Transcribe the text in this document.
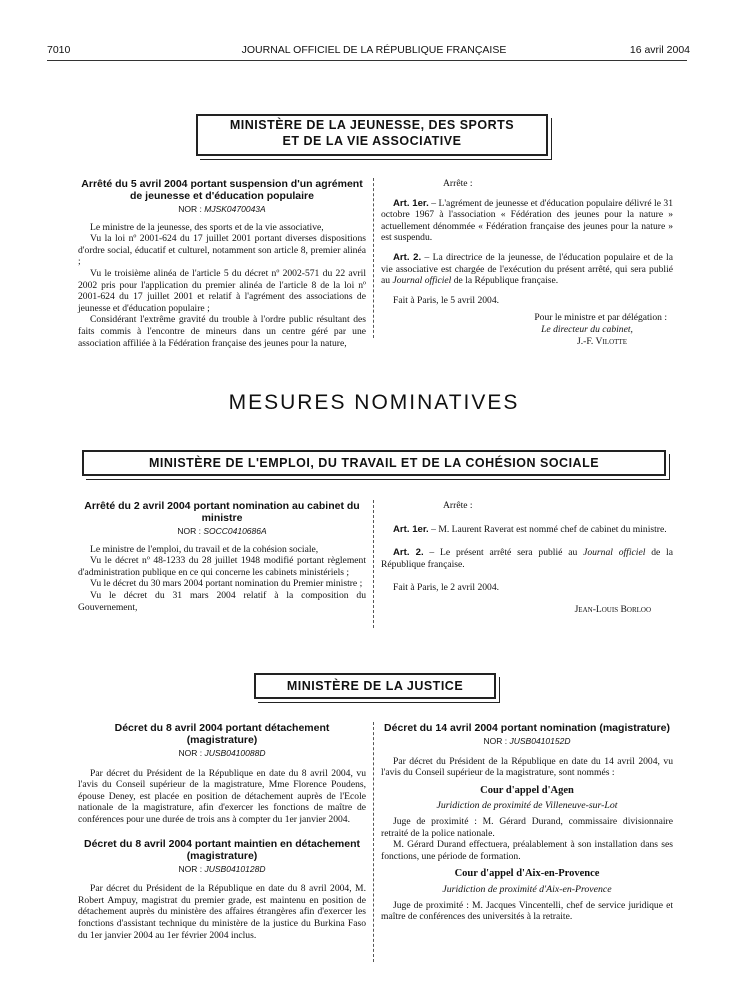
7010	JOURNAL OFFICIEL DE LA RÉPUBLIQUE FRANÇAISE	16 avril 2004
MINISTÈRE DE LA JEUNESSE, DES SPORTS
ET DE LA VIE ASSOCIATIVE
Arrêté du 5 avril 2004 portant suspension d'un agrément de jeunesse et d'éducation populaire
NOR : MJSK0470043A

Le ministre de la jeunesse, des sports et de la vie associative,

Vu la loi nº 2001-624 du 17 juillet 2001 portant diverses dispositions d'ordre social, éducatif et culturel, notamment son article 8, premier alinéa ;

Vu le troisième alinéa de l'article 5 du décret nº 2002-571 du 22 avril 2002 pris pour l'application du premier alinéa de l'article 8 de la loi nº 2001-624 du 17 juillet 2001 et relatif à l'agrément des associations de jeunesse et d'éducation populaire ;

Considérant l'extrême gravité du trouble à l'ordre public résultant des faits commis à l'encontre de mineurs dans un centre géré par une association affiliée à la Fédération française des jeunes pour la nature,

Arrête :

Art. 1er. – L'agrément de jeunesse et d'éducation populaire délivré le 31 octobre 1967 à l'association « Fédération des jeunes pour la nature » actuellement dénommée « Fédération française des jeunes pour la nature » est suspendu.

Art. 2. – La directrice de la jeunesse, de l'éducation populaire et de la vie associative est chargée de l'exécution du présent arrêté, qui sera publié au Journal officiel de la République française.

Fait à Paris, le 5 avril 2004.

Pour le ministre et par délégation :
Le directeur du cabinet,
J.-F. Vilotte
MESURES NOMINATIVES
MINISTÈRE DE L'EMPLOI, DU TRAVAIL ET DE LA COHÉSION SOCIALE
Arrêté du 2 avril 2004 portant nomination au cabinet du ministre
NOR : SOCC0410686A

Le ministre de l'emploi, du travail et de la cohésion sociale,

Vu le décret nº 48-1233 du 28 juillet 1948 modifié portant règlement d'administration publique en ce qui concerne les cabinets ministériels ;

Vu le décret du 30 mars 2004 portant nomination du Premier ministre ;

Vu le décret du 31 mars 2004 relatif à la composition du Gouvernement,

Arrête :

Art. 1er. – M. Laurent Raverat est nommé chef de cabinet du ministre.

Art. 2. – Le présent arrêté sera publié au Journal officiel de la République française.

Fait à Paris, le 2 avril 2004.

Jean-Louis Borloo
MINISTÈRE DE LA JUSTICE
Décret du 8 avril 2004 portant détachement (magistrature)
NOR : JUSB0410088D

Par décret du Président de la République en date du 8 avril 2004, vu l'avis du Conseil supérieur de la magistrature, Mme Florence Poudens, épouse Deney, est placée en position de détachement auprès de l'Ecole nationale de la magistrature, afin d'exercer les fonctions de maître de conférences pour une durée de trois ans à compter du 1er janvier 2004.

Décret du 8 avril 2004 portant maintien en détachement (magistrature)
NOR : JUSB0410128D

Par décret du Président de la République en date du 8 avril 2004, M. Robert Ampuy, magistrat du premier grade, est maintenu en position de détachement auprès du ministère des affaires étrangères afin d'exercer les fonctions d'assistant technique du ministère de la justice du Burkina Faso du 1er janvier 2004 au 1er février 2004 inclus.

Décret du 14 avril 2004 portant nomination (magistrature)
NOR : JUSB0410152D

Par décret du Président de la République en date du 14 avril 2004, vu l'avis du Conseil supérieur de la magistrature, sont nommés :

Cour d'appel d'Agen
Juridiction de proximité de Villeneuve-sur-Lot

Juge de proximité : M. Gérard Durand, commissaire divisionnaire retraité de la police nationale.

M. Gérard Durand effectuera, préalablement à son installation dans ses fonctions, une période de formation.

Cour d'appel d'Aix-en-Provence
Juridiction de proximité d'Aix-en-Provence

Juge de proximité : M. Jacques Vincentelli, chef de service juridique et maître de conférences des universités à la retraite.
